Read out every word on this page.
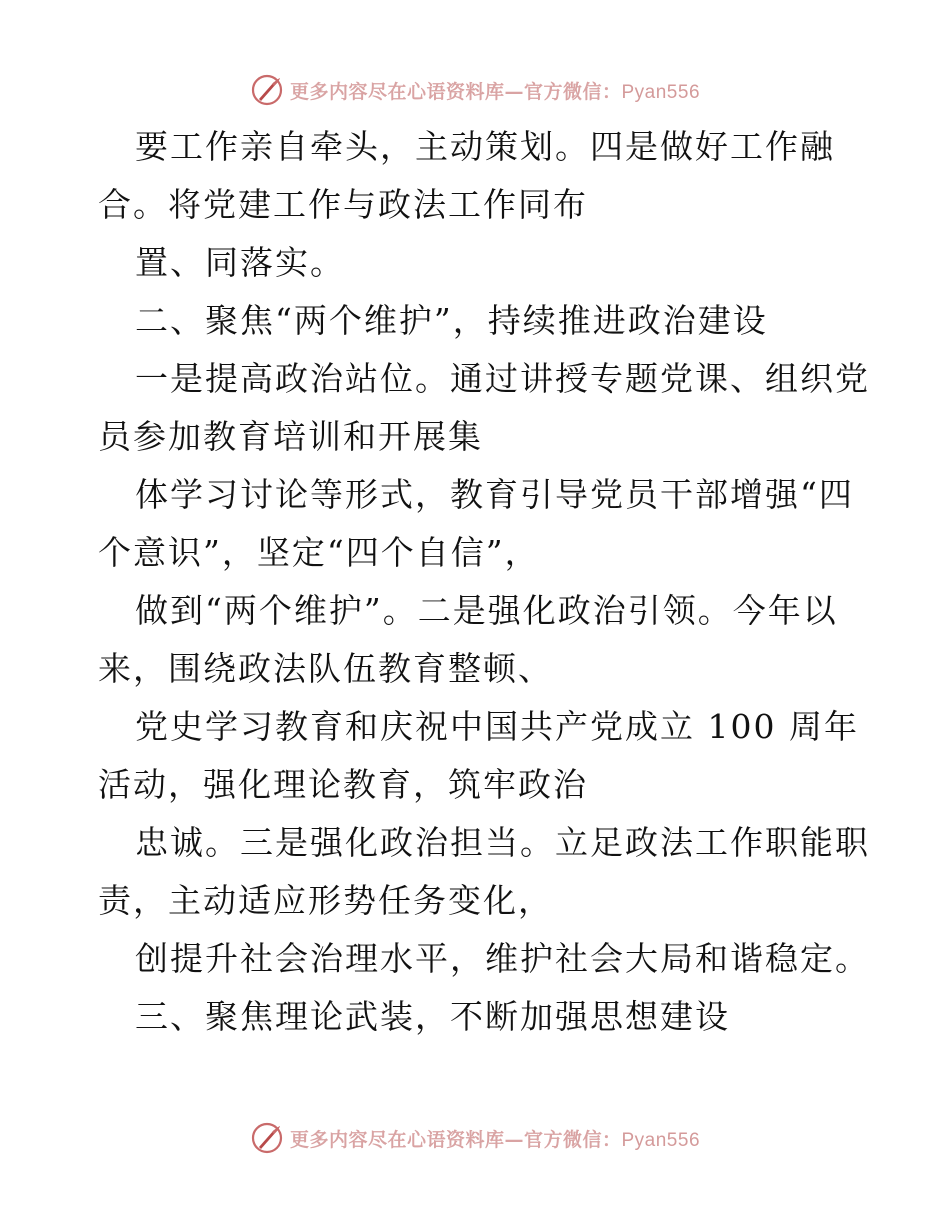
更多内容尽在心语资料库—官方微信：Pyan556
要工作亲自牵头，主动策划。四是做好工作融
合。将党建工作与政法工作同布
置、同落实。
二、聚焦“两个维护”，持续推进政治建设
一是提高政治站位。通过讲授专题党课、组织党
员参加教育培训和开展集
体学习讨论等形式，教育引导党员干部增强“四
个意识”，坚定“四个自信”，
做到“两个维护”。二是强化政治引领。今年以
来，围绕政法队伍教育整顿、
党史学习教育和庆祝中国共产党成立 100 周年
活动，强化理论教育，筑牢政治
忠诚。三是强化政治担当。立足政法工作职能职
责，主动适应形势任务变化，
创提升社会治理水平，维护社会大局和谐稳定。
三、聚焦理论武装，不断加强思想建设
更多内容尽在心语资料库—官方微信：Pyan556
